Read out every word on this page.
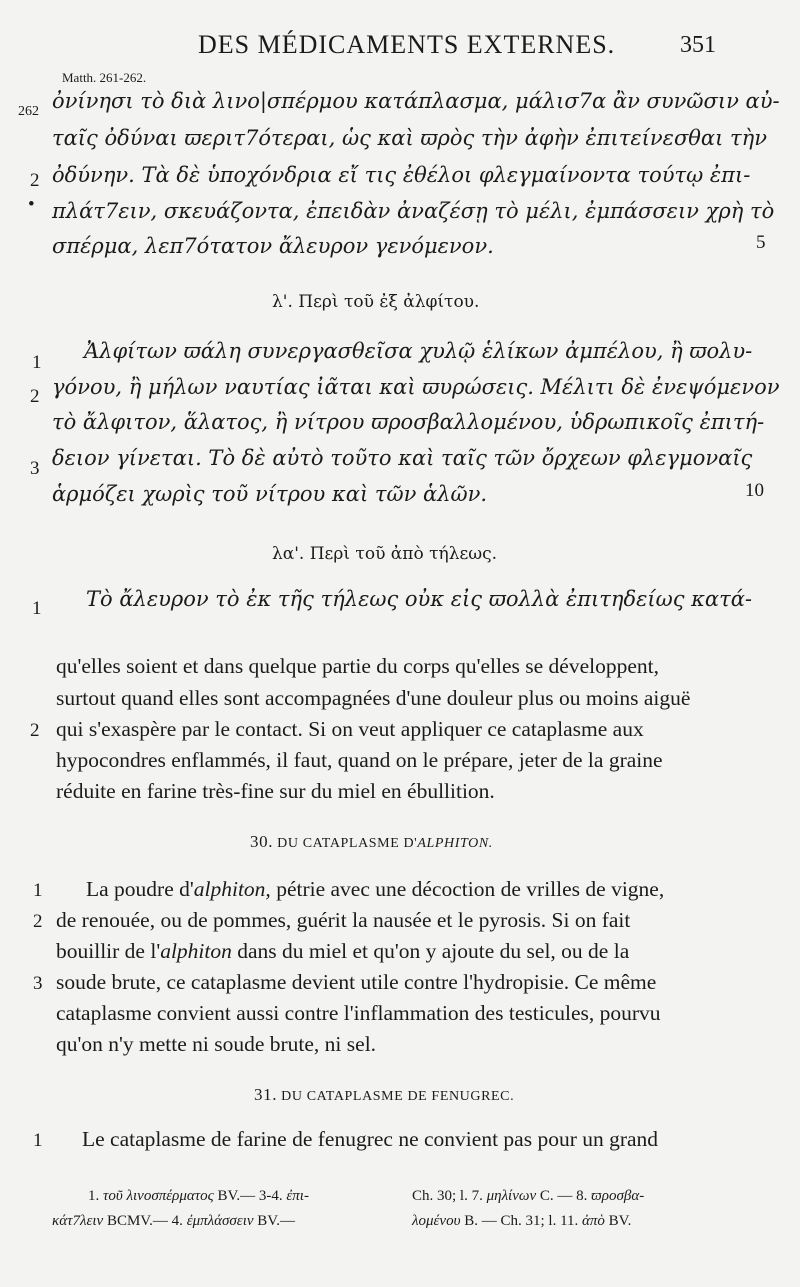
DES MÉDICAMENTS EXTERNES.	351
Matth. 261-262.
262 ὀνίνησι τὸ διὰ λινο|σπέρμου κατάπλασμα, μάλισ7α ἂν συνῶσιν αὐ-
ταῖς ὀδύναι ϖεριτ7ότεραι, ὡς καὶ ϖρὸς τὴν ἀφὴν ἐπιτείνεσθαι τὴν
2 ὀδύνην. Τὰ δὲ ὑποχόνδρια εἴ τις ἐθέλοι φλεγμαίνοντα τούτῳ ἐπι-
• πλάτ7ειν, σκευάζοντα, ἐπειδὰν ἀναζέσῃ τὸ μέλι, ἐμπάσσειν χρὴ τὸ
σπέρμα, λεπ7ότατον ἄλευρον γενόμενον.	5
λ'. Περὶ τοῦ ἐξ ἀλφίτου.
1 Ἀλφίτων ϖάλη συνεργασθεῖσα χυλῷ ἑλίκων ἀμπέλου, ἢ ϖολυ-
2 γόνου, ἢ μήλων ναυτίας ἰᾶται καὶ ϖυρώσεις. Μέλιτι δὲ ἐνεψόμενον
τὸ ἄλφιτον, ἅλατος, ἢ νίτρου ϖροσβαλλομένου, ὑδρωπικοῖς ἐπιτή-
3 δειον γίνεται. Τὸ δὲ αὐτὸ τοῦτο καὶ ταῖς τῶν ὄρχεων φλεγμοναῖς
ἁρμόζει χωρὶς τοῦ νίτρου καὶ τῶν ἁλῶν.	10
λα'. Περὶ τοῦ ἀπὸ τήλεως.
1 Τὸ ἄλευρον τὸ ἐκ τῆς τήλεως οὐκ εἰς ϖολλὰ ἐπιτηδείως κατά-
qu'elles soient et dans quelque partie du corps qu'elles se développent,
surtout quand elles sont accompagnées d'une douleur plus ou moins aiguë
2 qui s'exaspère par le contact. Si on veut appliquer ce cataplasme aux
hypocondres enflammés, il faut, quand on le prépare, jeter de la graine
réduite en farine très-fine sur du miel en ébullition.
30. DU CATAPLASME D'ALPHITON.
1 La poudre d'alphiton, pétrie avec une décoction de vrilles de vigne,
2 de renouée, ou de pommes, guérit la nausée et le pyrosis. Si on fait
bouillir de l'alphiton dans du miel et qu'on y ajoute du sel, ou de la
3 soude brute, ce cataplasme devient utile contre l'hydropisie. Ce même
cataplasme convient aussi contre l'inflammation des testicules, pourvu
qu'on n'y mette ni soude brute, ni sel.
31. DU CATAPLASME DE FENUGREC.
1 Le cataplasme de farine de fenugrec ne convient pas pour un grand
1. τοῦ λινοσπέρματος BV.— 3-4. ἐπι-
κάτ7λειν BCMV.— 4. ἐμπλάσσειν BV.—
Ch. 30; l. 7. μηλίνων C. — 8. ϖροσβα-
λομένου B. — Ch. 31; l. 11. ἀπὸ BV.
